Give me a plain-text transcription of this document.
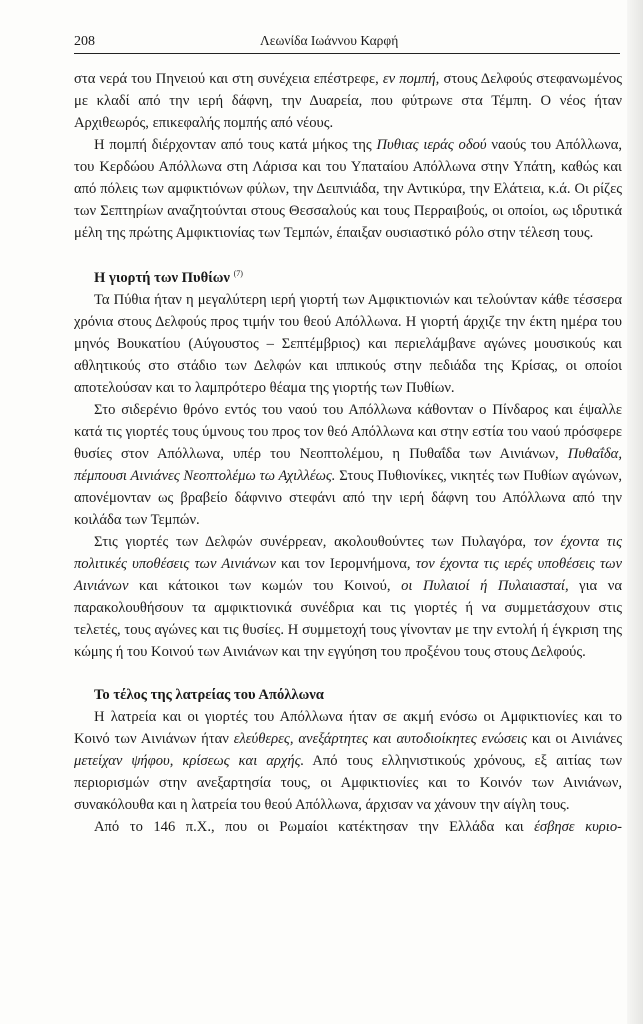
208	Λεωνίδα Ιωάννου Καρφή

στα νερά του Πηνειού και στη συνέχεια επέστρεφε, εν πομπή, στους Δελφούς στεφανωμένος με κλαδί από την ιερή δάφνη, την Δυαρεία, που φύτρωνε στα Τέμπη. Ο νέος ήταν Αρχιθεωρός, επικεφαλής πομπής από νέους.

Η πομπή διέρχονταν από τους κατά μήκος της Πυθιας ιεράς οδού ναούς του Απόλλωνα, του Κερδώου Απόλλωνα στη Λάρισα και του Υπαταίου Απόλλωνα στην Υπάτη, καθώς και από πόλεις των αμφικτιόνων φύλων, την Δειπνιάδα, την Αντικύρα, την Ελάτεια, κ.ά. Οι ρίζες των Σεπτηρίων αναζητούνται στους Θεσσαλούς και τους Περραιβούς, οι οποίοι, ως ιδρυτικά μέλη της πρώτης Αμφικτιονίας των Τεμπών, έπαιξαν ουσιαστικό ρόλο στην τέλεση τους.

Η γιορτή των Πυθίων $^{(7)}$

Τα Πύθια ήταν η μεγαλύτερη ιερή γιορτή των Αμφικτιονιών και τελούνταν κάθε τέσσερα χρόνια στους Δελφούς προς τιμήν του θεού Απόλλωνα. Η γιορτή άρχιζε την έκτη ημέρα του μηνός Βουκατίου (Αύγουστος – Σεπτέμβριος) και περιελάμβανε αγώνες μουσικούς και αθλητικούς στο στάδιο των Δελφών και ιππικούς στην πεδιάδα της Κρίσας, οι οποίοι αποτελούσαν και το λαμπρότερο θέαμα της γιορτής των Πυθίων.

Στο σιδερένιο θρόνο εντός του ναού του Απόλλωνα κάθονταν ο Πίνδαρος και έψαλλε κατά τις γιορτές τους ύμνους του προς τον θεό Απόλλωνα και στην εστία του ναού πρόσφερε θυσίες στον Απόλλωνα, υπέρ του Νεοπτολέμου, η Πυθαΐδα των Αινιάνων, Πυθαΐδα, πέμπουσι Αινιάνες Νεοπτολέμω τω Αχιλλέως. Στους Πυθιονίκες, νικητές των Πυθίων αγώνων, απονέμονταν ως βραβείο δάφνινο στεφάνι από την ιερή δάφνη του Απόλλωνα από την κοιλάδα των Τεμπών.

Στις γιορτές των Δελφών συνέρρεαν, ακολουθούντες των Πυλαγόρα, τον έχοντα τις πολιτικές υποθέσεις των Αινιάνων και τον Ιερομνήμονα, τον έχοντα τις ιερές υποθέσεις των Αινιάνων και κάτοικοι των κωμών του Κοινού, οι Πυλαιοί ή Πυλαιασταί, για να παρακολουθήσουν τα αμφικτιονικά συνέδρια και τις γιορτές ή να συμμετάσχουν στις τελετές, τους αγώνες και τις θυσίες. Η συμμετοχή τους γίνονταν με την εντολή ή έγκριση της κώμης ή του Κοινού των Αινιάνων και την εγγύηση του προξένου τους στους Δελφούς.

Το τέλος της λατρείας του Απόλλωνα

Η λατρεία και οι γιορτές του Απόλλωνα ήταν σε ακμή ενόσω οι Αμφικτιονίες και το Κοινό των Αινιάνων ήταν ελεύθερες, ανεξάρτητες και αυτοδιοίκητες ενώσεις και οι Αινιάνες μετείχαν ψήφου, κρίσεως και αρχής. Από τους ελληνιστικούς χρόνους, εξ αιτίας των περιορισμών στην ανεξαρτησία τους, οι Αμφικτιονίες και το Κοινόν των Αινιάνων, συνακόλουθα και η λατρεία του θεού Απόλλωνα, άρχισαν να χάνουν την αίγλη τους.

Από το 146 π.Χ., που οι Ρωμαίοι κατέκτησαν την Ελλάδα και έσβησε κυριο-
